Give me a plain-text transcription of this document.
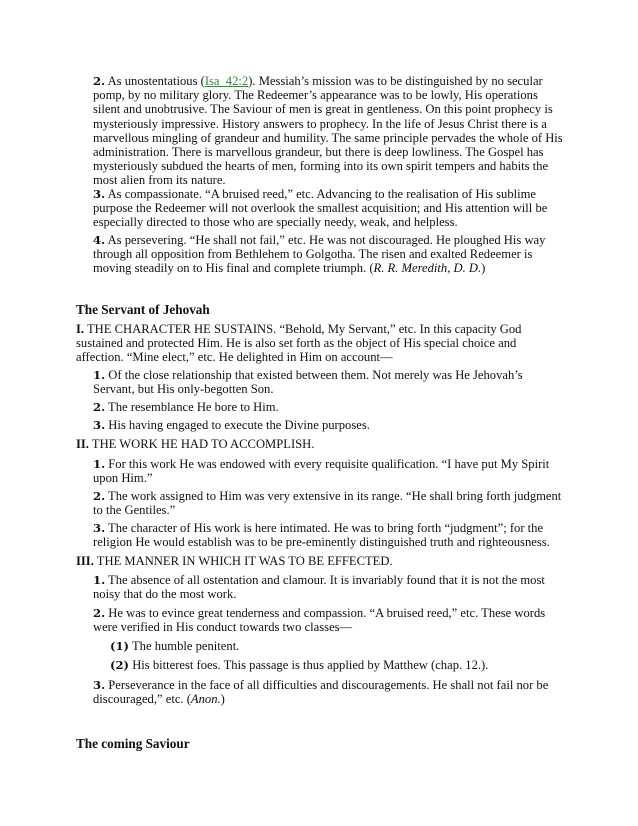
2. As unostentatious (Isa_42:2). Messiah’s mission was to be distinguished by no secular pomp, by no military glory. The Redeemer’s appearance was to be lowly, His operations silent and unobtrusive. The Saviour of men is great in gentleness. On this point prophecy is mysteriously impressive. History answers to prophecy. In the life of Jesus Christ there is a marvellous mingling of grandeur and humility. The same principle pervades the whole of His administration. There is marvellous grandeur, but there is deep lowliness. The Gospel has mysteriously subdued the hearts of men, forming into its own spirit tempers and habits the most alien from its nature.

3. As compassionate. “A bruised reed,” etc. Advancing to the realisation of His sublime purpose the Redeemer will not overlook the smallest acquisition; and His attention will be especially directed to those who are specially needy, weak, and helpless.

4. As persevering. “He shall not fail,” etc. He was not discouraged. He ploughed His way through all opposition from Bethlehem to Golgotha. The risen and exalted Redeemer is moving steadily on to His final and complete triumph. (R. R. Meredith, D. D.)

The Servant of Jehovah

I. THE CHARACTER HE SUSTAINS. “Behold, My Servant,” etc. In this capacity God sustained and protected Him. He is also set forth as the object of His special choice and affection. “Mine elect,” etc. He delighted in Him on account—

1. Of the close relationship that existed between them. Not merely was He Jehovah’s Servant, but His only-begotten Son.

2. The resemblance He bore to Him.

3. His having engaged to execute the Divine purposes.

II. THE WORK HE HAD TO ACCOMPLISH.

1. For this work He was endowed with every requisite qualification. “I have put My Spirit upon Him.”

2. The work assigned to Him was very extensive in its range. “He shall bring forth judgment to the Gentiles.”

3. The character of His work is here intimated. He was to bring forth “judgment”; for the religion He would establish was to be pre-eminently distinguished truth and righteousness.

III. THE MANNER IN WHICH IT WAS TO BE EFFECTED.

1. The absence of all ostentation and clamour. It is invariably found that it is not the most noisy that do the most work.

2. He was to evince great tenderness and compassion. “A bruised reed,” etc. These words were verified in His conduct towards two classes—

(1) The humble penitent.

(2) His bitterest foes. This passage is thus applied by Matthew (chap. 12.).

3. Perseverance in the face of all difficulties and discouragements. He shall not fail nor be discouraged,” etc. (Anon.)

The coming Saviour
